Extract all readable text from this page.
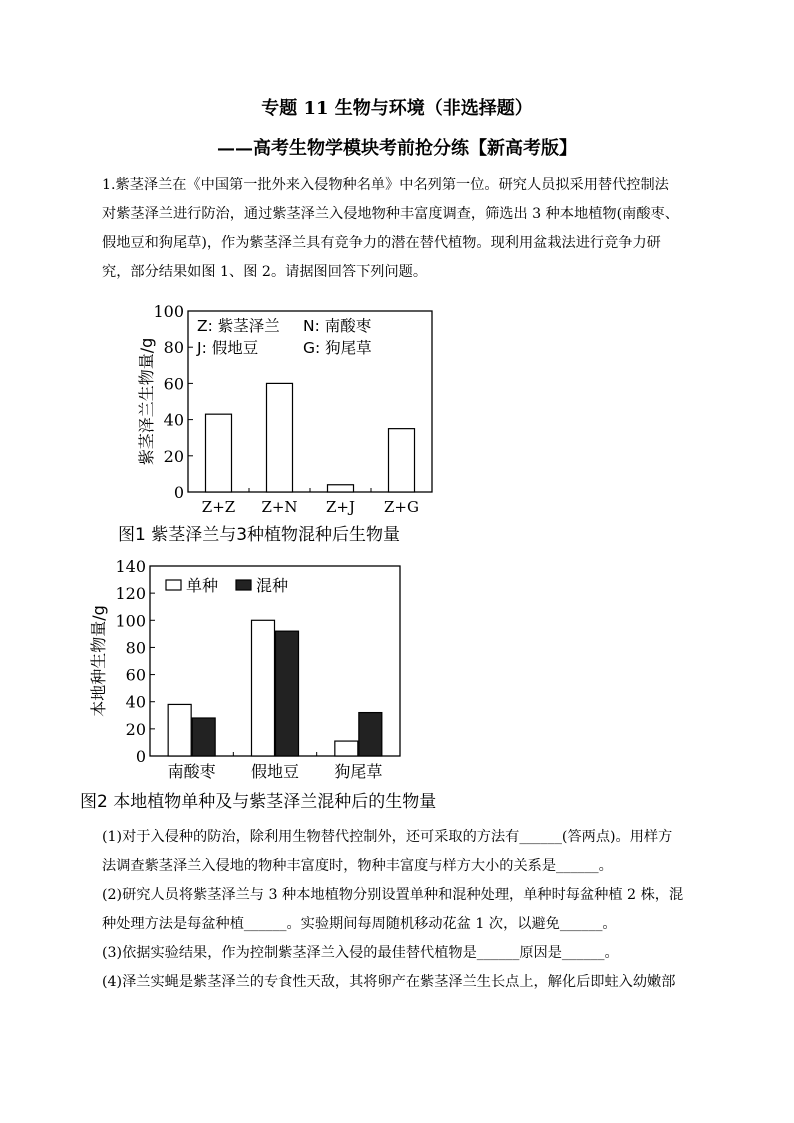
专题 11 生物与环境（非选择题）
——高考生物学模块考前抢分练【新高考版】

1.紫茎泽兰在《中国第一批外来入侵物种名单》中名列第一位。研究人员拟采用替代控制法

对紫茎泽兰进行防治，通过紫茎泽兰入侵地物种丰富度调查，筛选出 3 种本地植物(南酸枣、

假地豆和狗尾草)，作为紫茎泽兰具有竞争力的潜在替代植物。现利用盆栽法进行竞争力研

究，部分结果如图 1、图 2。请据图回答下列问题。

0
20
40
60
80
100
Z+Z Z+N Z+J Z+G
紫茎泽兰生物量/g
Z: 紫茎泽兰 N: 南酸枣
J: 假地豆	G: 狗尾草
图1 紫茎泽兰与3种植物混种后生物量
0
20
40
60
80
100
120
140
南酸枣 假地豆 狗尾草
本地种生物量/g
单种 混种
图2 本地植物单种及与紫茎泽兰混种后的生物量

(1)对于入侵种的防治，除利用生物替代控制外，还可采取的方法有______(答两点)。用样方

法调查紫茎泽兰入侵地的物种丰富度时，物种丰富度与样方大小的关系是______。

(2)研究人员将紫茎泽兰与 3 种本地植物分别设置单种和混种处理，单种时每盆种植 2 株，混

种处理方法是每盆种植______。实验期间每周随机移动花盆 1 次，以避免______。

(3)依据实验结果，作为控制紫茎泽兰入侵的最佳替代植物是______原因是______。

(4)泽兰实蝇是紫茎泽兰的专食性天敌，其将卵产在紫茎泽兰生长点上，解化后即蛀入幼嫩部
